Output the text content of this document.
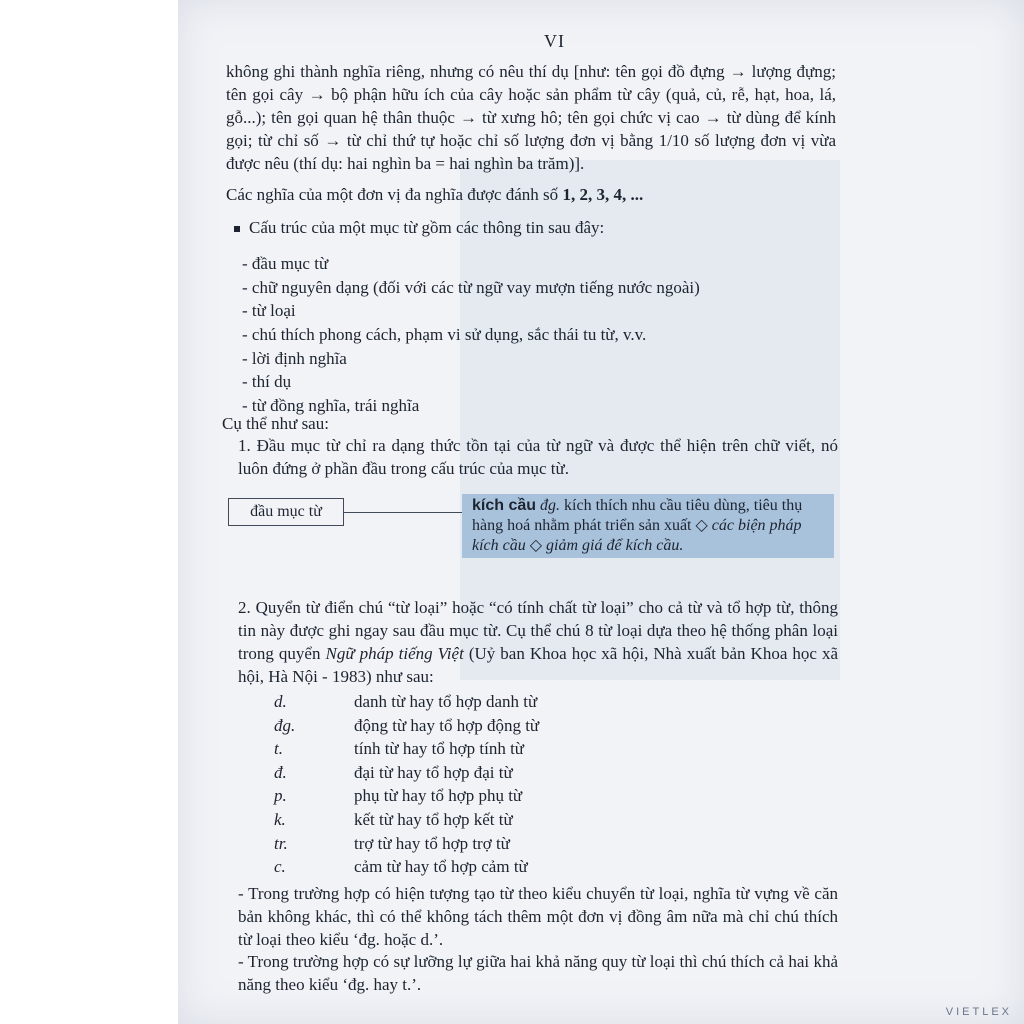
VI

không ghi thành nghĩa riêng, nhưng có nêu thí dụ [như: tên gọi đồ đựng → lượng đựng; tên gọi cây → bộ phận hữu ích của cây hoặc sản phẩm từ cây (quả, củ, rễ, hạt, hoa, lá, gỗ...); tên gọi quan hệ thân thuộc → từ xưng hô; tên gọi chức vị cao → từ dùng để kính gọi; từ chỉ số → từ chỉ thứ tự hoặc chỉ số lượng đơn vị bằng 1/10 số lượng đơn vị vừa được nêu (thí dụ: hai nghìn ba = hai nghìn ba trăm)].

Các nghĩa của một đơn vị đa nghĩa được đánh số 1, 2, 3, 4, ...

Cấu trúc của một mục từ gồm các thông tin sau đây:

- đầu mục từ
- chữ nguyên dạng (đối với các từ ngữ vay mượn tiếng nước ngoài)
- từ loại
- chú thích phong cách, phạm vi sử dụng, sắc thái tu từ, v.v.
- lời định nghĩa
- thí dụ
- từ đồng nghĩa, trái nghĩa

Cụ thể như sau:

1. Đầu mục từ chỉ ra dạng thức tồn tại của từ ngữ và được thể hiện trên chữ viết, nó luôn đứng ở phần đầu trong cấu trúc của mục từ.

đầu mục từ	kích cầu đg. kích thích nhu cầu tiêu dùng, tiêu thụ hàng hoá nhằm phát triển sản xuất ◇ các biện pháp kích cầu ◇ giảm giá để kích cầu.

2. Quyển từ điển chú “từ loại” hoặc “có tính chất từ loại” cho cả từ và tổ hợp từ, thông tin này được ghi ngay sau đầu mục từ. Cụ thể chú 8 từ loại dựa theo hệ thống phân loại trong quyển Ngữ pháp tiếng Việt (Uỷ ban Khoa học xã hội, Nhà xuất bản Khoa học xã hội, Hà Nội - 1983) như sau:

d.	danh từ hay tổ hợp danh từ
đg.	động từ hay tổ hợp động từ
t.	tính từ hay tổ hợp tính từ
đ.	đại từ hay tổ hợp đại từ
p.	phụ từ hay tổ hợp phụ từ
k.	kết từ hay tổ hợp kết từ
tr.	trợ từ hay tổ hợp trợ từ
c.	cảm từ hay tổ hợp cảm từ

- Trong trường hợp có hiện tượng tạo từ theo kiểu chuyển từ loại, nghĩa từ vựng về căn bản không khác, thì có thể không tách thêm một đơn vị đồng âm nữa mà chỉ chú thích từ loại theo kiểu ‘đg. hoặc d.’.

- Trong trường hợp có sự lưỡng lự giữa hai khả năng quy từ loại thì chú thích cả hai khả năng theo kiểu ‘đg. hay t.’.

VIETLEX
